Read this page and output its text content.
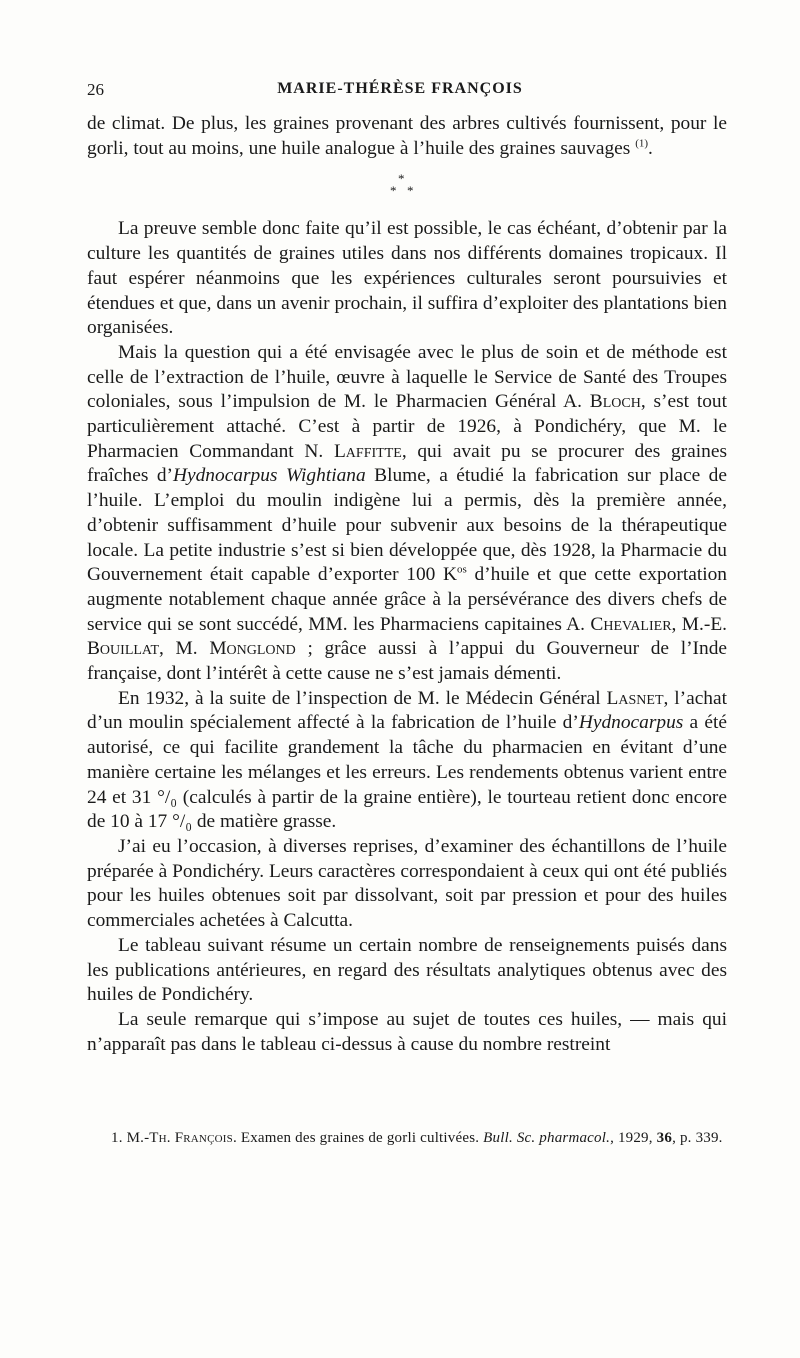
26	MARIE-THÉRÈSE FRANÇOIS

de climat. De plus, les graines provenant des arbres cultivés fournissent, pour le gorli, tout au moins, une huile analogue à l’huile des graines sauvages $^{(1)}$.

*
* *

La preuve semble donc faite qu’il est possible, le cas échéant, d’obtenir par la culture les quantités de graines utiles dans nos différents domaines tropicaux. Il faut espérer néanmoins que les expériences culturales seront poursuivies et étendues et que, dans un avenir prochain, il suffira d’exploiter des plantations bien organisées.

Mais la question qui a été envisagée avec le plus de soin et de méthode est celle de l’extraction de l’huile, œuvre à laquelle le Service de Santé des Troupes coloniales, sous l’impulsion de M. le Pharmacien Général A. Bloch, s’est tout particulièrement attaché. C’est à partir de 1926, à Pondichéry, que M. le Pharmacien Commandant N. Laffitte, qui avait pu se procurer des graines fraîches d’Hydnocarpus Wightiana Blume, a étudié la fabrication sur place de l’huile. L’emploi du moulin indigène lui a permis, dès la première année, d’obtenir suffisamment d’huile pour subvenir aux besoins de la thérapeutique locale. La petite industrie s’est si bien développée que, dès 1928, la Pharmacie du Gouvernement était capable d’exporter 100 $K^{os}$ d’huile et que cette exportation augmente notablement chaque année grâce à la persévérance des divers chefs de service qui se sont succédé, MM. les Pharmaciens capitaines A. Chevalier, M.-E. Bouillat, M. Monglond ; grâce aussi à l’appui du Gouverneur de l’Inde française, dont l’intérêt à cette cause ne s’est jamais démenti.

En 1932, à la suite de l’inspection de M. le Médecin Général Lasnet, l’achat d’un moulin spécialement affecté à la fabrication de l’huile d’Hydnocarpus a été autorisé, ce qui facilite grandement la tâche du pharmacien en évitant d’une manière certaine les mélanges et les erreurs. Les rendements obtenus varient entre 24 et 31 °/₀ (calculés à partir de la graine entière), le tourteau retient donc encore de 10 à 17 °/₀ de matière grasse.

J’ai eu l’occasion, à diverses reprises, d’examiner des échantillons de l’huile préparée à Pondichéry. Leurs caractères correspondaient à ceux qui ont été publiés pour les huiles obtenues soit par dissolvant, soit par pression et pour des huiles commerciales achetées à Calcutta.

Le tableau suivant résume un certain nombre de renseignements puisés dans les publications antérieures, en regard des résultats analytiques obtenus avec des huiles de Pondichéry.

La seule remarque qui s’impose au sujet de toutes ces huiles, — mais qui n’apparaît pas dans le tableau ci-dessus à cause du nombre restreint

1. M.-Th. François. Examen des graines de gorli cultivées. Bull. Sc. pharmacol., 1929, 36, p. 339.
